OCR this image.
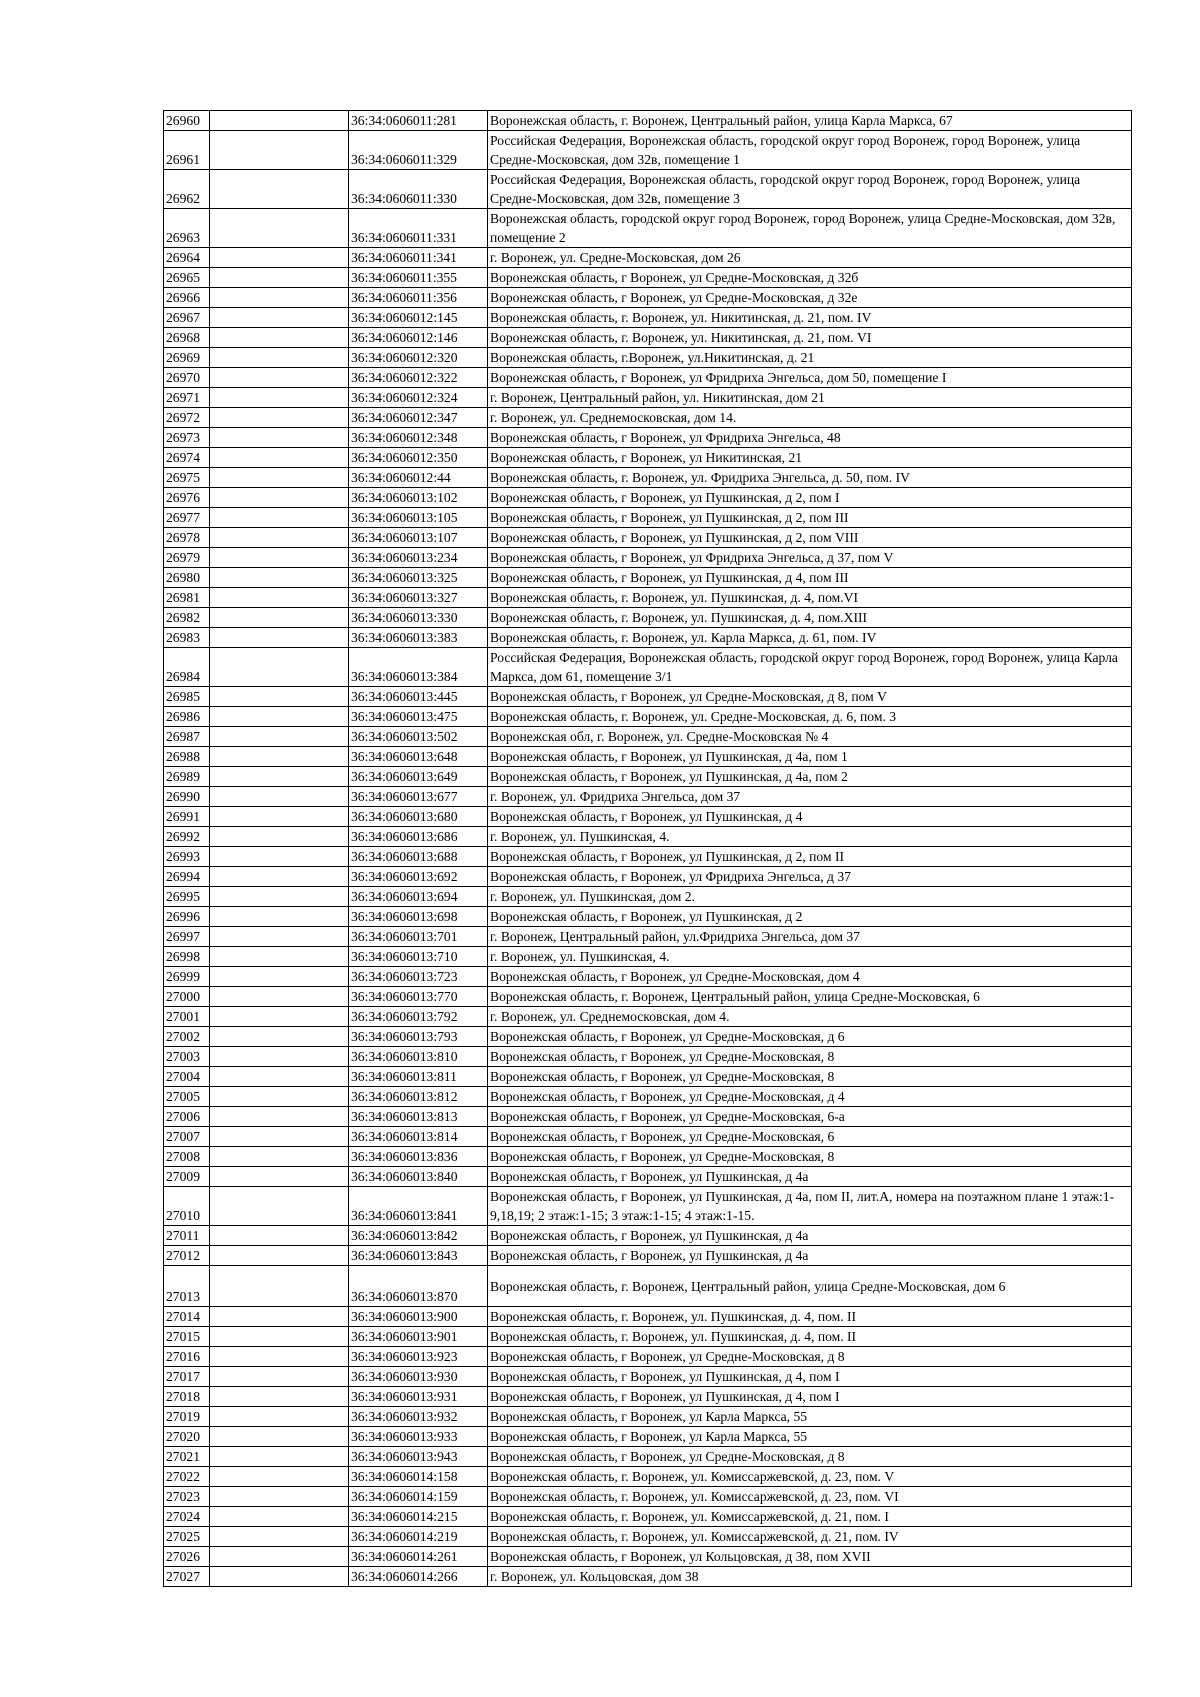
26960		36:34:0606011:281	Воронежская область, г. Воронеж, Центральный район, улица Карла Маркса, 67
26961		36:34:0606011:329	Российская Федерация, Воронежская область, городской округ город Воронеж, город Воронеж, улица Средне-Московская, дом 32в, помещение 1
26962		36:34:0606011:330	Российская Федерация, Воронежская область, городской округ город Воронеж, город Воронеж, улица Средне-Московская, дом 32в, помещение 3
26963		36:34:0606011:331	Воронежская область, городской округ город Воронеж, город Воронеж, улица Средне-Московская, дом 32в, помещение 2
26964		36:34:0606011:341	г. Воронеж, ул. Средне-Московская, дом 26
26965		36:34:0606011:355	Воронежская область, г Воронеж, ул Средне-Московская, д 32б
26966		36:34:0606011:356	Воронежская область, г Воронеж, ул Средне-Московская, д 32е
26967		36:34:0606012:145	Воронежская область, г. Воронеж, ул. Никитинская, д. 21, пом. IV
26968		36:34:0606012:146	Воронежская область, г. Воронеж, ул. Никитинская, д. 21, пом. VI
26969		36:34:0606012:320	Воронежская область, г.Воронеж, ул.Никитинская, д. 21
26970		36:34:0606012:322	Воронежская область, г Воронеж, ул Фридриха Энгельса, дом 50, помещение I
26971		36:34:0606012:324	г. Воронеж, Центральный район, ул. Никитинская, дом 21
26972		36:34:0606012:347	г. Воронеж, ул. Среднемосковская, дом 14.
26973		36:34:0606012:348	Воронежская область, г Воронеж, ул Фридриха Энгельса, 48
26974		36:34:0606012:350	Воронежская область, г Воронеж, ул Никитинская, 21
26975		36:34:0606012:44	Воронежская область, г. Воронеж, ул. Фридриха Энгельса, д. 50, пом. IV
26976		36:34:0606013:102	Воронежская область, г Воронеж, ул Пушкинская, д 2, пом I
26977		36:34:0606013:105	Воронежская область, г Воронеж, ул Пушкинская, д 2, пом III
26978		36:34:0606013:107	Воронежская область, г Воронеж, ул Пушкинская, д 2, пом VIII
26979		36:34:0606013:234	Воронежская область, г Воронеж, ул Фридриха Энгельса, д 37, пом V
26980		36:34:0606013:325	Воронежская область, г Воронеж, ул Пушкинская, д 4, пом III
26981		36:34:0606013:327	Воронежская область, г. Воронеж, ул. Пушкинская, д. 4, пом.VI
26982		36:34:0606013:330	Воронежская область, г. Воронеж, ул. Пушкинская, д. 4, пом.XIII
26983		36:34:0606013:383	Воронежская область, г. Воронеж, ул. Карла Маркса, д. 61, пом. IV
26984		36:34:0606013:384	Российская Федерация, Воронежская область, городской округ город Воронеж, город Воронеж, улица Карла Маркса, дом 61, помещение 3/1
26985		36:34:0606013:445	Воронежская область, г Воронеж, ул Средне-Московская, д 8, пом V
26986		36:34:0606013:475	Воронежская область, г. Воронеж, ул. Средне-Московская, д. 6, пом. 3
26987		36:34:0606013:502	Воронежская обл, г. Воронеж, ул. Средне-Московская № 4
26988		36:34:0606013:648	Воронежская область, г Воронеж, ул Пушкинская, д 4а, пом 1
26989		36:34:0606013:649	Воронежская область, г Воронеж, ул Пушкинская, д 4а, пом 2
26990		36:34:0606013:677	г. Воронеж, ул. Фридриха Энгельса, дом 37
26991		36:34:0606013:680	Воронежская область, г Воронеж, ул Пушкинская, д 4
26992		36:34:0606013:686	г. Воронеж, ул. Пушкинская, 4.
26993		36:34:0606013:688	Воронежская область, г Воронеж, ул Пушкинская, д 2, пом II
26994		36:34:0606013:692	Воронежская область, г Воронеж, ул Фридриха Энгельса, д 37
26995		36:34:0606013:694	г. Воронеж, ул. Пушкинская, дом 2.
26996		36:34:0606013:698	Воронежская область, г Воронеж, ул Пушкинская, д 2
26997		36:34:0606013:701	г. Воронеж, Центральный район, ул.Фридриха Энгельса, дом 37
26998		36:34:0606013:710	г. Воронеж, ул. Пушкинская, 4.
26999		36:34:0606013:723	Воронежская область, г Воронеж, ул Средне-Московская, дом 4
27000		36:34:0606013:770	Воронежская область, г. Воронеж, Центральный район, улица Средне-Московская, 6
27001		36:34:0606013:792	г. Воронеж, ул. Среднемосковская, дом 4.
27002		36:34:0606013:793	Воронежская область, г Воронеж, ул Средне-Московская, д 6
27003		36:34:0606013:810	Воронежская область, г Воронеж, ул Средне-Московская, 8
27004		36:34:0606013:811	Воронежская область, г Воронеж, ул Средне-Московская, 8
27005		36:34:0606013:812	Воронежская область, г Воронеж, ул Средне-Московская, д 4
27006		36:34:0606013:813	Воронежская область, г Воронеж, ул Средне-Московская, 6-а
27007		36:34:0606013:814	Воронежская область, г Воронеж, ул Средне-Московская, 6
27008		36:34:0606013:836	Воронежская область, г Воронеж, ул Средне-Московская, 8
27009		36:34:0606013:840	Воронежская область, г Воронеж, ул Пушкинская, д 4а
27010		36:34:0606013:841	Воронежская область, г Воронеж, ул Пушкинская, д 4а, пом II, лит.А, номера на поэтажном плане 1 этаж:1-9,18,19; 2 этаж:1-15; 3 этаж:1-15; 4 этаж:1-15.
27011		36:34:0606013:842	Воронежская область, г Воронеж, ул Пушкинская, д 4а
27012		36:34:0606013:843	Воронежская область, г Воронеж, ул Пушкинская, д 4а
27013		36:34:0606013:870	Воронежская область, г. Воронеж, Центральный район, улица Средне-Московская, дом 6
27014		36:34:0606013:900	Воронежская область, г. Воронеж, ул. Пушкинская, д. 4, пом. II
27015		36:34:0606013:901	Воронежская область, г. Воронеж, ул. Пушкинская, д. 4, пом. II
27016		36:34:0606013:923	Воронежская область, г Воронеж, ул Средне-Московская, д 8
27017		36:34:0606013:930	Воронежская область, г Воронеж, ул Пушкинская, д 4, пом I
27018		36:34:0606013:931	Воронежская область, г Воронеж, ул Пушкинская, д 4, пом I
27019		36:34:0606013:932	Воронежская область, г Воронеж, ул Карла Маркса, 55
27020		36:34:0606013:933	Воронежская область, г Воронеж, ул Карла Маркса, 55
27021		36:34:0606013:943	Воронежская область, г Воронеж, ул Средне-Московская, д 8
27022		36:34:0606014:158	Воронежская область, г. Воронеж, ул. Комиссаржевской, д. 23, пом. V
27023		36:34:0606014:159	Воронежская область, г. Воронеж, ул. Комиссаржевской, д. 23, пом. VI
27024		36:34:0606014:215	Воронежская область, г. Воронеж, ул. Комиссаржевской, д. 21, пом. I
27025		36:34:0606014:219	Воронежская область, г. Воронеж, ул. Комиссаржевской, д. 21, пом. IV
27026		36:34:0606014:261	Воронежская область, г Воронеж, ул Кольцовская, д 38, пом XVII
27027		36:34:0606014:266	г. Воронеж, ул. Кольцовская, дом 38
